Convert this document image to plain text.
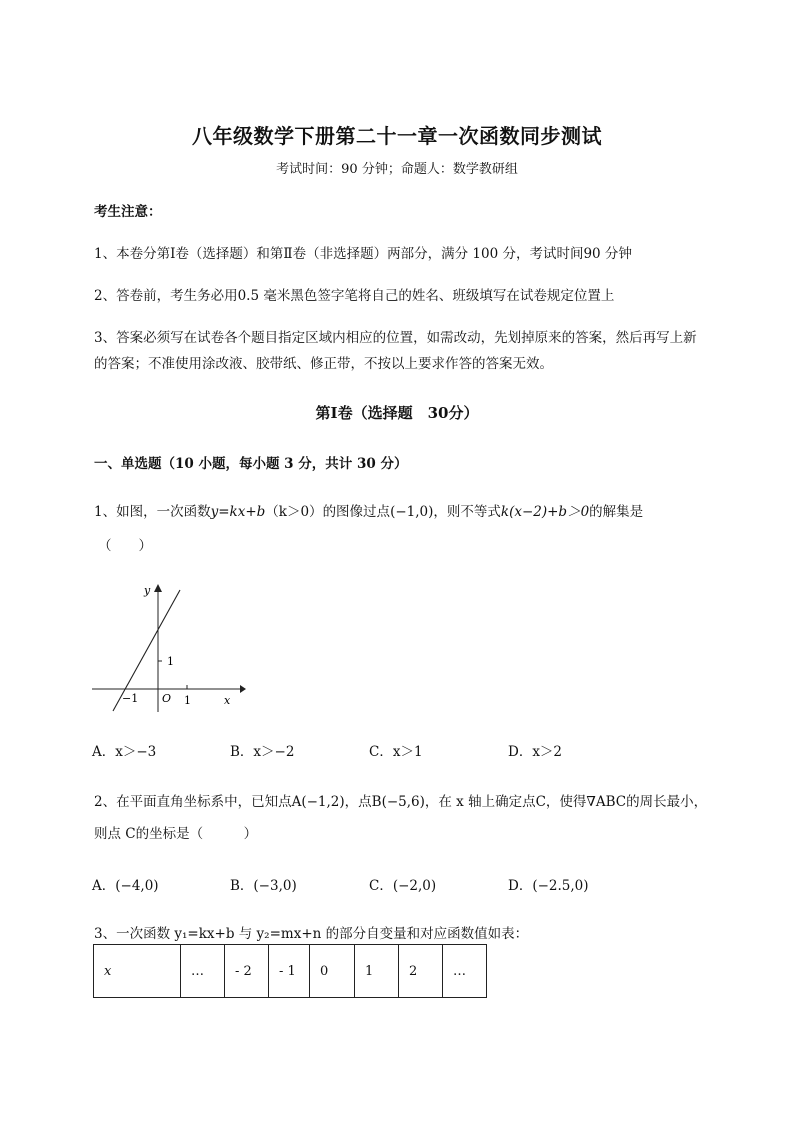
八年级数学下册第二十一章一次函数同步测试
考试时间：90 分钟；命题人：数学教研组
考生注意：
1、本卷分第Ⅰ卷（选择题）和第Ⅱ卷（非选择题）两部分，满分 100 分，考试时间90 分钟
2、答卷前，考生务必用0.5 毫米黑色签字笔将自己的姓名、班级填写在试卷规定位置上
3、答案必须写在试卷各个题目指定区域内相应的位置，如需改动，先划掉原来的答案，然后再写上新
的答案；不准使用涂改液、胶带纸、修正带，不按以上要求作答的答案无效。
第Ⅰ卷（选择题　30分）
一、单选题（10 小题，每小题 3 分，共计 30 分）
1、如图，一次函数y=kx+b（k＞0）的图像过点(−1,0)，则不等式k(x−2)+b＞0的解集是
（　　）
y
x
1
1
−1 O
A．x＞−3	B．x＞−2	C．x＞1	D．x＞2
2、在平面直角坐标系中，已知点A(−1,2)，点B(−5,6)，在 x 轴上确定点C，使得∇ABC的周长最小，
则点 C的坐标是（　　　）
A．(−4,0)	B．(−3,0)	C．(−2,0)	D．(−2.5,0)
3、一次函数 y₁=kx+b 与 y₂=mx+n 的部分自变量和对应函数值如表：
x	…	- 2	- 1	0	1	2	…
